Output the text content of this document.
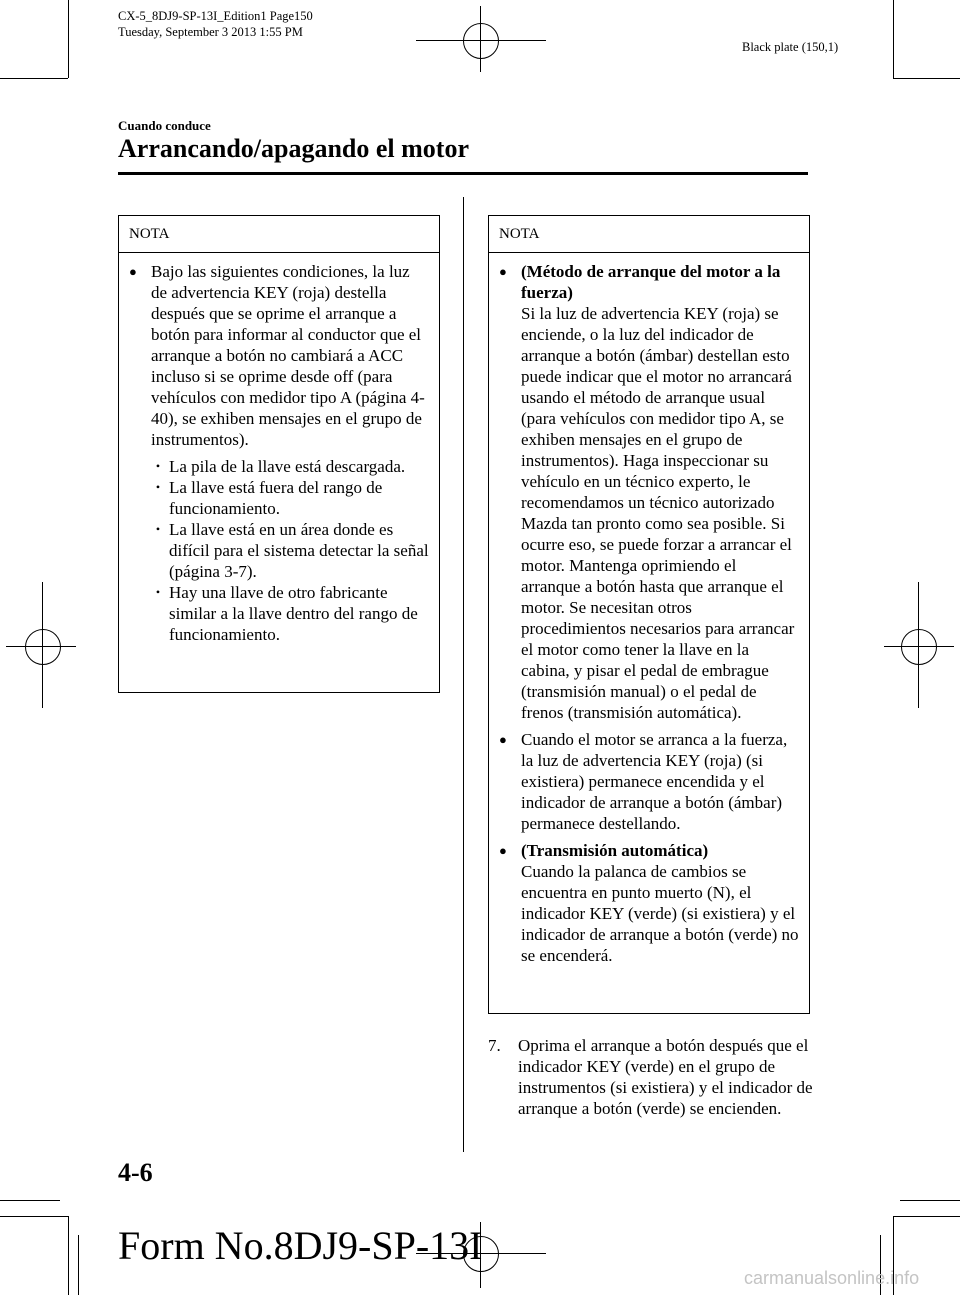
CX-5_8DJ9-SP-13I_Edition1 Page150
Tuesday, September 3 2013 1:55 PM
Black plate (150,1)
Cuando conduce
Arrancando/apagando el motor
NOTA
● Bajo las siguientes condiciones, la luz de advertencia KEY (roja) destella después que se oprime el arranque a botón para informar al conductor que el arranque a botón no cambiará a ACC incluso si se oprime desde off (para vehículos con medidor tipo A (página 4-40), se exhiben mensajes en el grupo de instrumentos).
• La pila de la llave está descargada.
• La llave está fuera del rango de funcionamiento.
• La llave está en un área donde es difícil para el sistema detectar la señal (página 3-7).
• Hay una llave de otro fabricante similar a la llave dentro del rango de funcionamiento.
NOTA
● (Método de arranque del motor a la fuerza)
Si la luz de advertencia KEY (roja) se enciende, o la luz del indicador de arranque a botón (ámbar) destellan esto puede indicar que el motor no arrancará usando el método de arranque usual (para vehículos con medidor tipo A, se exhiben mensajes en el grupo de instrumentos). Haga inspeccionar su vehículo en un técnico experto, le recomendamos un técnico autorizado Mazda tan pronto como sea posible. Si ocurre eso, se puede forzar a arrancar el motor. Mantenga oprimiendo el arranque a botón hasta que arranque el motor. Se necesitan otros procedimientos necesarios para arrancar el motor como tener la llave en la cabina, y pisar el pedal de embrague (transmisión manual) o el pedal de frenos (transmisión automática).
● Cuando el motor se arranca a la fuerza, la luz de advertencia KEY (roja) (si existiera) permanece encendida y el indicador de arranque a botón (ámbar) permanece destellando.
● (Transmisión automática)
Cuando la palanca de cambios se encuentra en punto muerto (N), el indicador KEY (verde) (si existiera) y el indicador de arranque a botón (verde) no se encenderá.
7.	Oprima el arranque a botón después que el indicador KEY (verde) en el grupo de instrumentos (si existiera) y el indicador de arranque a botón (verde) se encienden.
4-6
Form No.8DJ9-SP-13I
carmanualsonline.info
